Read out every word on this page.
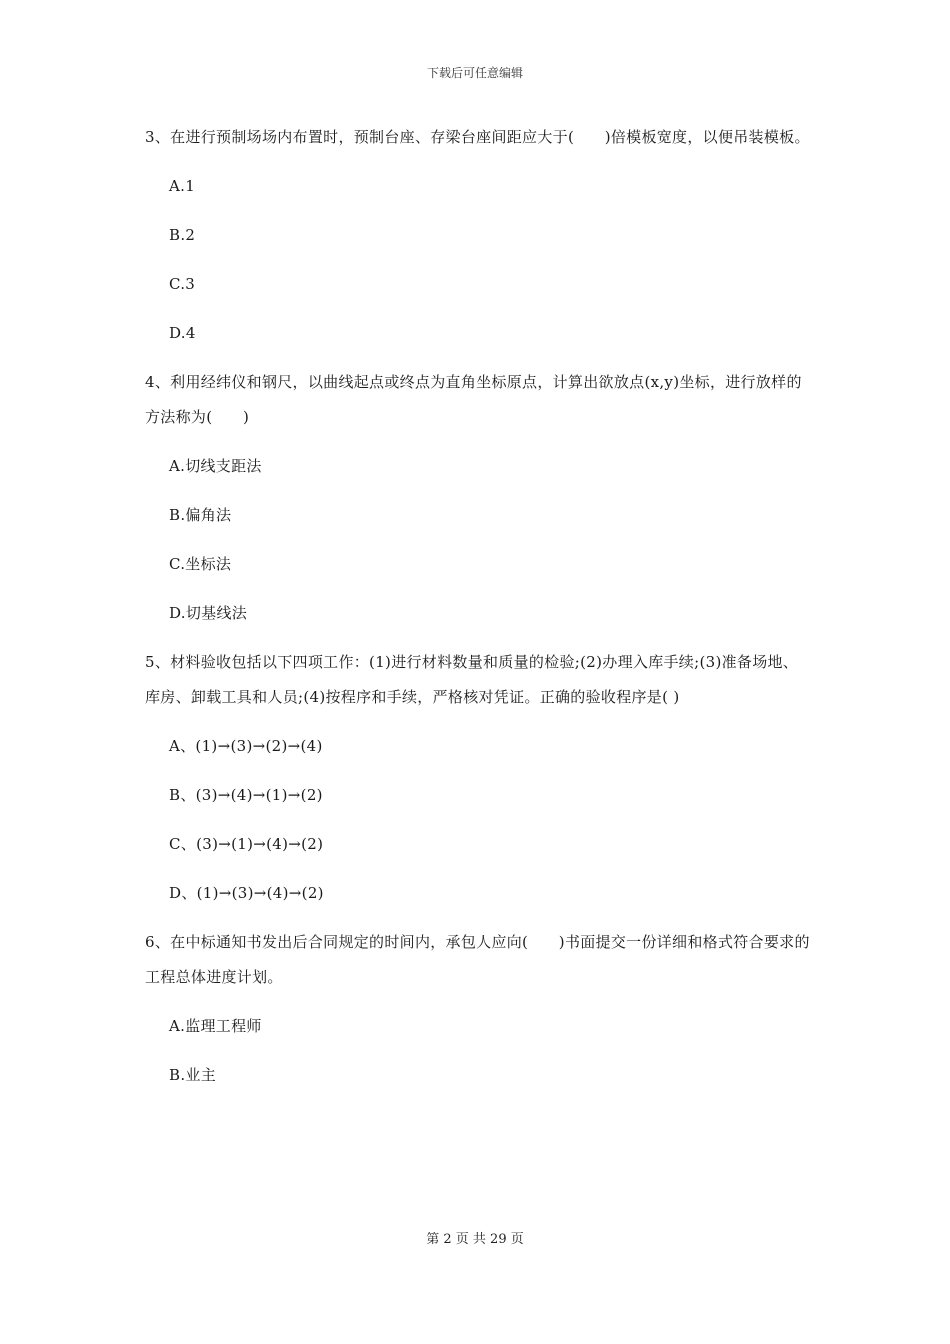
下载后可任意编辑
3、在进行预制场场内布置时，预制台座、存梁台座间距应大于(　　)倍模板宽度，以便吊装模板。
A.1
B.2
C.3
D.4
4、利用经纬仪和钢尺，以曲线起点或终点为直角坐标原点，计算出欲放点(x,y)坐标，进行放样的方法称为(　　)
A.切线支距法
B.偏角法
C.坐标法
D.切基线法
5、材料验收包括以下四项工作：(1)进行材料数量和质量的检验;(2)办理入库手续;(3)准备场地、库房、卸载工具和人员;(4)按程序和手续，严格核对凭证。正确的验收程序是( )
A、(1)→(3)→(2)→(4)
B、(3)→(4)→(1)→(2)
C、(3)→(1)→(4)→(2)
D、(1)→(3)→(4)→(2)
6、在中标通知书发出后合同规定的时间内，承包人应向(　　)书面提交一份详细和格式符合要求的工程总体进度计划。
A.监理工程师
B.业主
第 2 页 共 29 页
